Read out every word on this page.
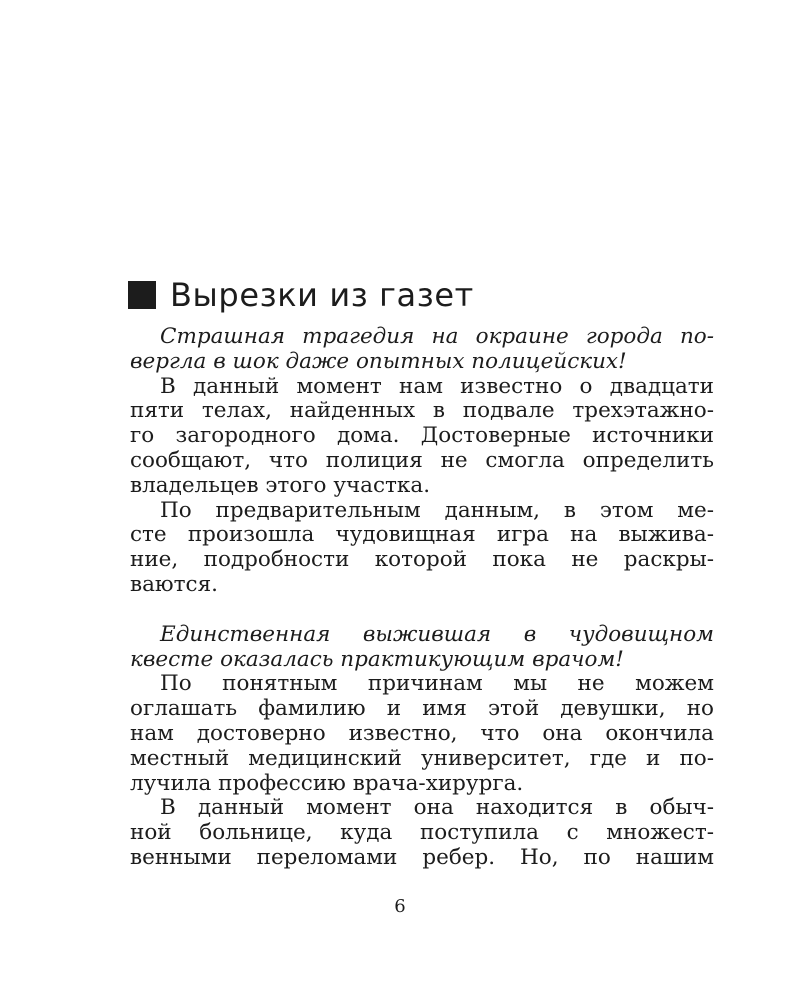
Вырезки из газет
Страшная трагедия на окраине города по-
вергла в шок даже опытных полицейских!
В данный момент нам известно о двадцати
пяти телах, найденных в подвале трехэтажно-
го загородного дома. Достоверные источники
сообщают, что полиция не смогла определить
владельцев этого участка.
По предварительным данным, в этом ме-
сте произошла чудовищная игра на выжива-
ние, подробности которой пока не раскры-
ваются.
Единственная выжившая в чудовищном
квесте оказалась практикующим врачом!
По понятным причинам мы не можем
оглашать фамилию и имя этой девушки, но
нам достоверно известно, что она окончила
местный медицинский университет, где и по-
лучила профессию врача-хирурга.
В данный момент она находится в обыч-
ной больнице, куда поступила с множест-
венными переломами ребер. Но, по нашим
6
